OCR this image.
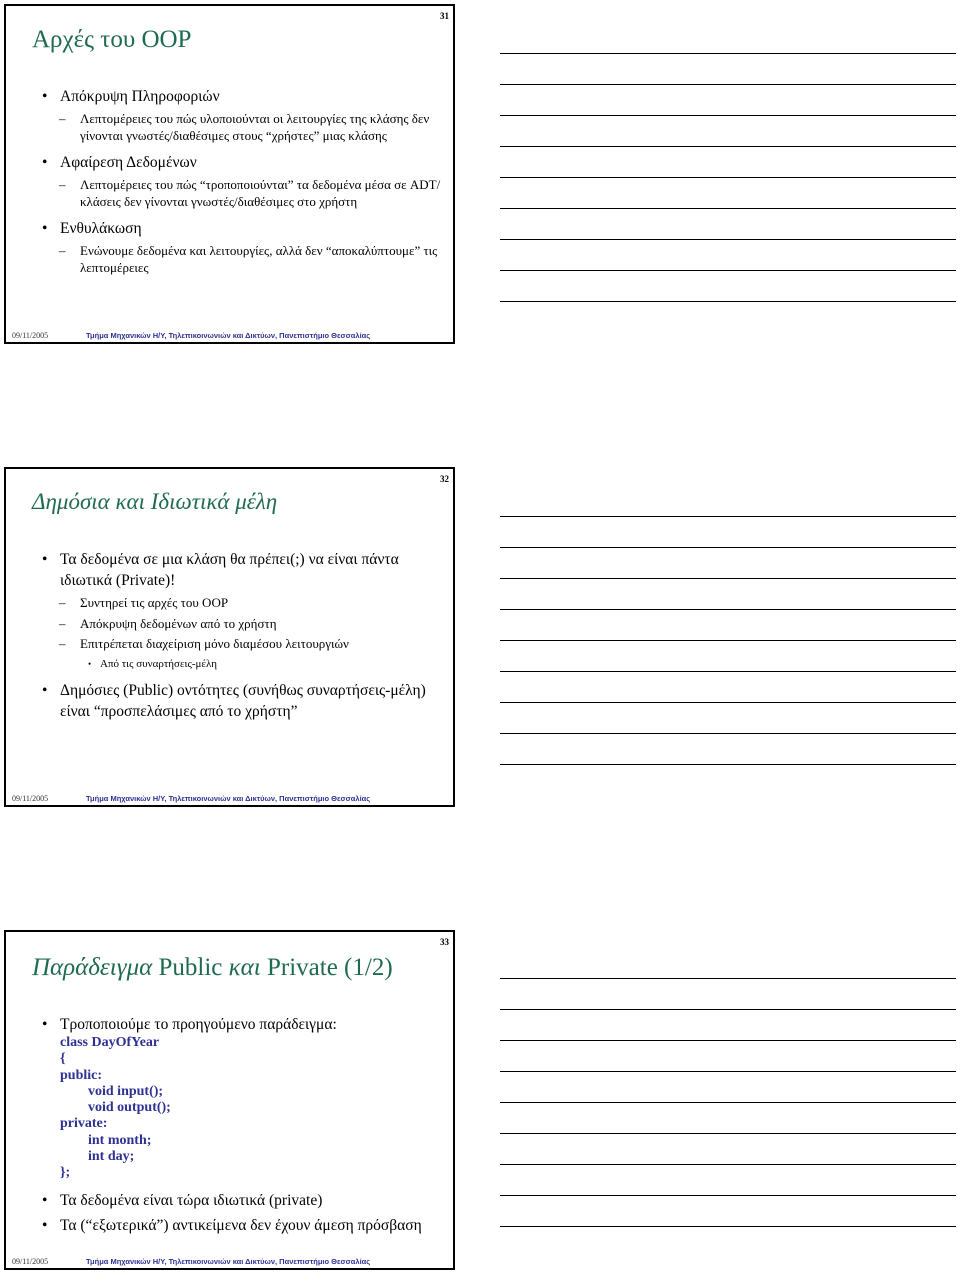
31
Αρχές του OOP
• Απόκρυψη Πληροφοριών
– Λεπτομέρειες του πώς υλοποιούνται οι λειτουργίες της κλάσης δεν γίνονται γνωστές/διαθέσιμες στους “χρήστες” μιας κλάσης
• Αφαίρεση Δεδομένων
– Λεπτομέρειες του πώς “τροποποιούνται” τα δεδομένα μέσα σε ADT/κλάσεις δεν γίνονται γνωστές/διαθέσιμες στο χρήστη
• Ενθυλάκωση
– Ενώνουμε δεδομένα και λειτουργίες, αλλά δεν “αποκαλύπτουμε” τις λεπτομέρειες
09/11/2005	Τμήμα Μηχανικών Η/Υ, Τηλεπικοινωνιών και Δικτύων, Πανεπιστήμιο Θεσσαλίας
32
Δημόσια και Ιδιωτικά μέλη
• Τα δεδομένα σε μια κλάση θα πρέπει(;) να είναι πάντα ιδιωτικά (Private)!
– Συντηρεί τις αρχές του OOP
– Απόκρυψη δεδομένων από το χρήστη
– Επιτρέπεται διαχείριση μόνο διαμέσου λειτουργιών
• Από τις συναρτήσεις-μέλη
• Δημόσιες (Public) οντότητες (συνήθως συναρτήσεις-μέλη) είναι “προσπελάσιμες από το χρήστη”
09/11/2005	Τμήμα Μηχανικών Η/Υ, Τηλεπικοινωνιών και Δικτύων, Πανεπιστήμιο Θεσσαλίας
33
Παράδειγμα Public και Private (1/2)
• Τροποποιούμε το προηγούμενο παράδειγμα:
class DayOfYear
{
public:
void input();
void output();
private:
int month;
int day;
};
• Τα δεδομένα είναι τώρα ιδιωτικά (private)
• Τα (“εξωτερικά”) αντικείμενα δεν έχουν άμεση πρόσβαση
09/11/2005	Τμήμα Μηχανικών Η/Υ, Τηλεπικοινωνιών και Δικτύων, Πανεπιστήμιο Θεσσαλίας
